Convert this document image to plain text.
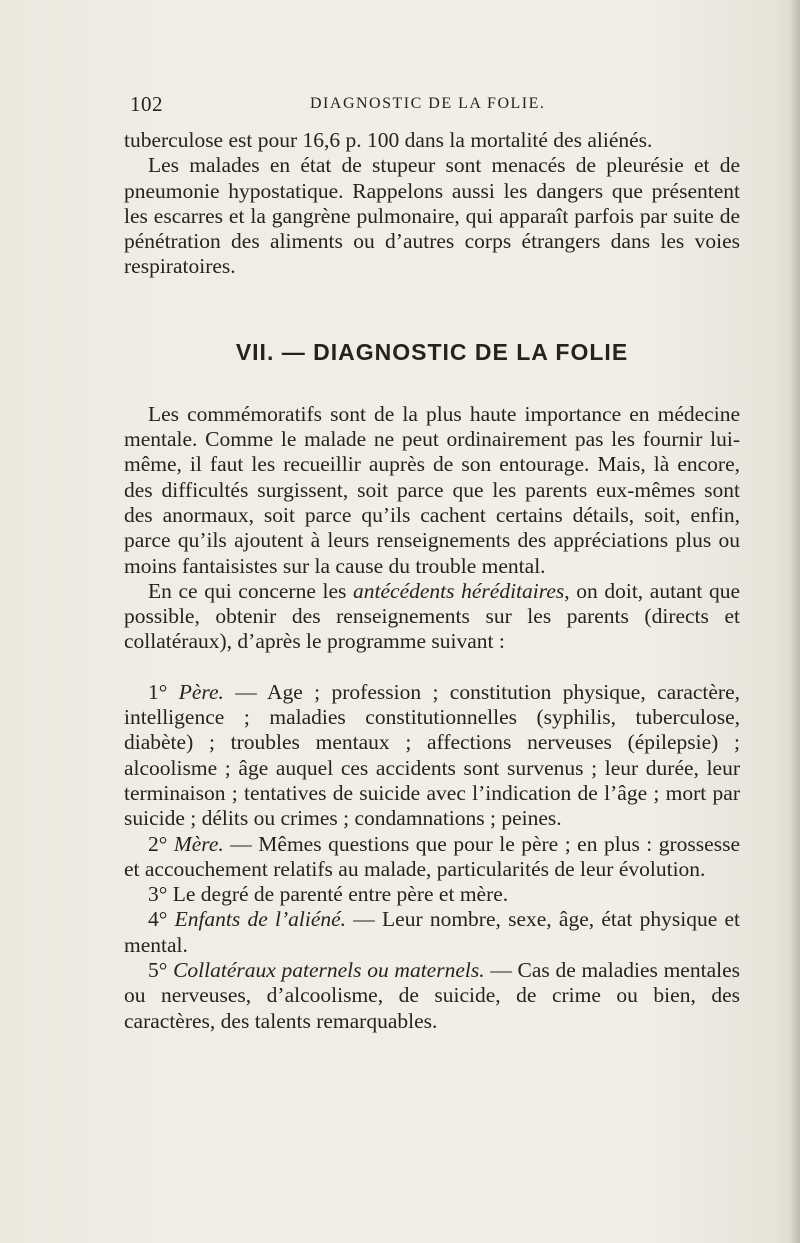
102	DIAGNOSTIC DE LA FOLIE.

tuberculose est pour 16,6 p. 100 dans la mortalité des aliénés.

Les malades en état de stupeur sont menacés de pleurésie et de pneumonie hypostatique. Rappelons aussi les dangers que présentent les escarres et la gangrène pulmonaire, qui apparaît parfois par suite de pénétration des aliments ou d’autres corps étrangers dans les voies respiratoires.

VII. — DIAGNOSTIC DE LA FOLIE

Les commémoratifs sont de la plus haute importance en médecine mentale. Comme le malade ne peut ordinairement pas les fournir lui-même, il faut les recueillir auprès de son entourage. Mais, là encore, des difficultés surgissent, soit parce que les parents eux-mêmes sont des anormaux, soit parce qu’ils cachent certains détails, soit, enfin, parce qu’ils ajoutent à leurs renseignements des appréciations plus ou moins fantaisistes sur la cause du trouble mental.

En ce qui concerne les antécédents héréditaires, on doit, autant que possible, obtenir des renseignements sur les parents (directs et collatéraux), d’après le programme suivant :

1° Père. — Age ; profession ; constitution physique, caractère, intelligence ; maladies constitutionnelles (syphilis, tuberculose, diabète) ; troubles mentaux ; affections nerveuses (épilepsie) ; alcoolisme ; âge auquel ces accidents sont survenus ; leur durée, leur terminaison ; tentatives de suicide avec l’indication de l’âge ; mort par suicide ; délits ou crimes ; condamnations ; peines.

2° Mère. — Mêmes questions que pour le père ; en plus : grossesse et accouchement relatifs au malade, particularités de leur évolution.

3° Le degré de parenté entre père et mère.

4° Enfants de l’aliéné. — Leur nombre, sexe, âge, état physique et mental.

5° Collatéraux paternels ou maternels. — Cas de maladies mentales ou nerveuses, d’alcoolisme, de suicide, de crime ou bien, des caractères, des talents remarquables.
